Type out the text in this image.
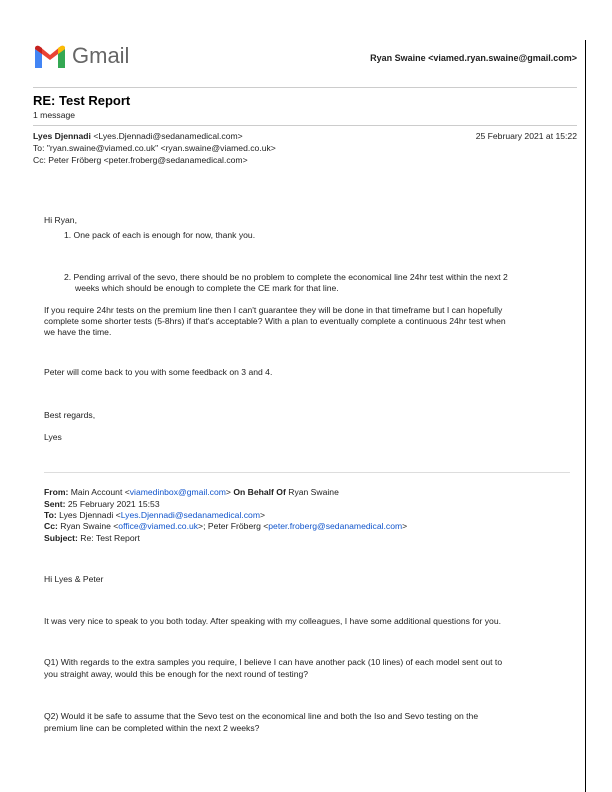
Gmail	Ryan Swaine <viamed.ryan.swaine@gmail.com>
RE: Test Report
1 message
Lyes Djennadi <Lyes.Djennadi@sedanamedical.com>	25 February 2021 at 15:22
To: "ryan.swaine@viamed.co.uk" <ryan.swaine@viamed.co.uk>
Cc: Peter Fröberg <peter.froberg@sedanamedical.com>
Hi Ryan,
1. One pack of each is enough for now, thank you.
2. Pending arrival of the sevo, there should be no problem to complete the economical line 24hr test within the next 2
weeks which should be enough to complete the CE mark for that line.
If you require 24hr tests on the premium line then I can't guarantee they will be done in that timeframe but I can hopefully
complete some shorter tests (5-8hrs) if that's acceptable? With a plan to eventually complete a continuous 24hr test when
we have the time.
Peter will come back to you with some feedback on 3 and 4.
Best regards,
Lyes
From: Main Account <viamedinbox@gmail.com> On Behalf Of Ryan Swaine
Sent: 25 February 2021 15:53
To: Lyes Djennadi <Lyes.Djennadi@sedanamedical.com>
Cc: Ryan Swaine <office@viamed.co.uk>; Peter Fröberg <peter.froberg@sedanamedical.com>
Subject: Re: Test Report
Hi Lyes & Peter
It was very nice to speak to you both today. After speaking with my colleagues, I have some additional questions for you.
Q1) With regards to the extra samples you require, I believe I can have another pack (10 lines) of each model sent out to
you straight away, would this be enough for the next round of testing?
Q2) Would it be safe to assume that the Sevo test on the economical line and both the Iso and Sevo testing on the
premium line can be completed within the next 2 weeks?
